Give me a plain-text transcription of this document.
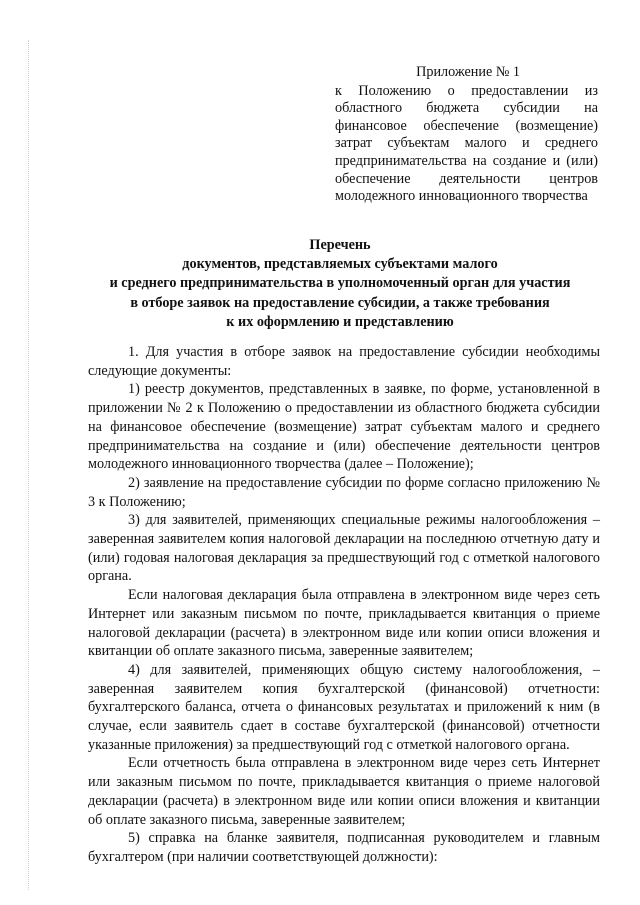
Приложение № 1
к Положению о предоставлении из областного бюджета субсидии на финансовое обеспечение (возмещение) затрат субъектам малого и среднего предпринимательства на создание и (или) обеспечение деятельности центров молодежного инновационного творчества
Перечень
документов, представляемых субъектами малого
и среднего предпринимательства в уполномоченный орган для участия
в отборе заявок на предоставление субсидии, а также требования
к их оформлению и представлению

1. Для участия в отборе заявок на предоставление субсидии необходимы следующие документы:

1) реестр документов, представленных в заявке, по форме, установленной в приложении № 2 к Положению о предоставлении из областного бюджета субсидии на финансовое обеспечение (возмещение) затрат субъектам малого и среднего предпринимательства на создание и (или) обеспечение деятельности центров молодежного инновационного творчества (далее – Положение);

2) заявление на предоставление субсидии по форме согласно приложению № 3 к Положению;

3) для заявителей, применяющих специальные режимы налогообложения – заверенная заявителем копия налоговой декларации на последнюю отчетную дату и (или) годовая налоговая декларация за предшествующий год с отметкой налогового органа.

Если налоговая декларация была отправлена в электронном виде через сеть Интернет или заказным письмом по почте, прикладывается квитанция о приеме налоговой декларации (расчета) в электронном виде или копии описи вложения и квитанции об оплате заказного письма, заверенные заявителем;

4) для заявителей, применяющих общую систему налогообложения, – заверенная заявителем копия бухгалтерской (финансовой) отчетности: бухгалтерского баланса, отчета о финансовых результатах и приложений к ним (в случае, если заявитель сдает в составе бухгалтерской (финансовой) отчетности указанные приложения) за предшествующий год с отметкой налогового органа.

Если отчетность была отправлена в электронном виде через сеть Интернет или заказным письмом по почте, прикладывается квитанция о приеме налоговой декларации (расчета) в электронном виде или копии описи вложения и квитанции об оплате заказного письма, заверенные заявителем;

5) справка на бланке заявителя, подписанная руководителем и главным бухгалтером (при наличии соответствующей должности):
